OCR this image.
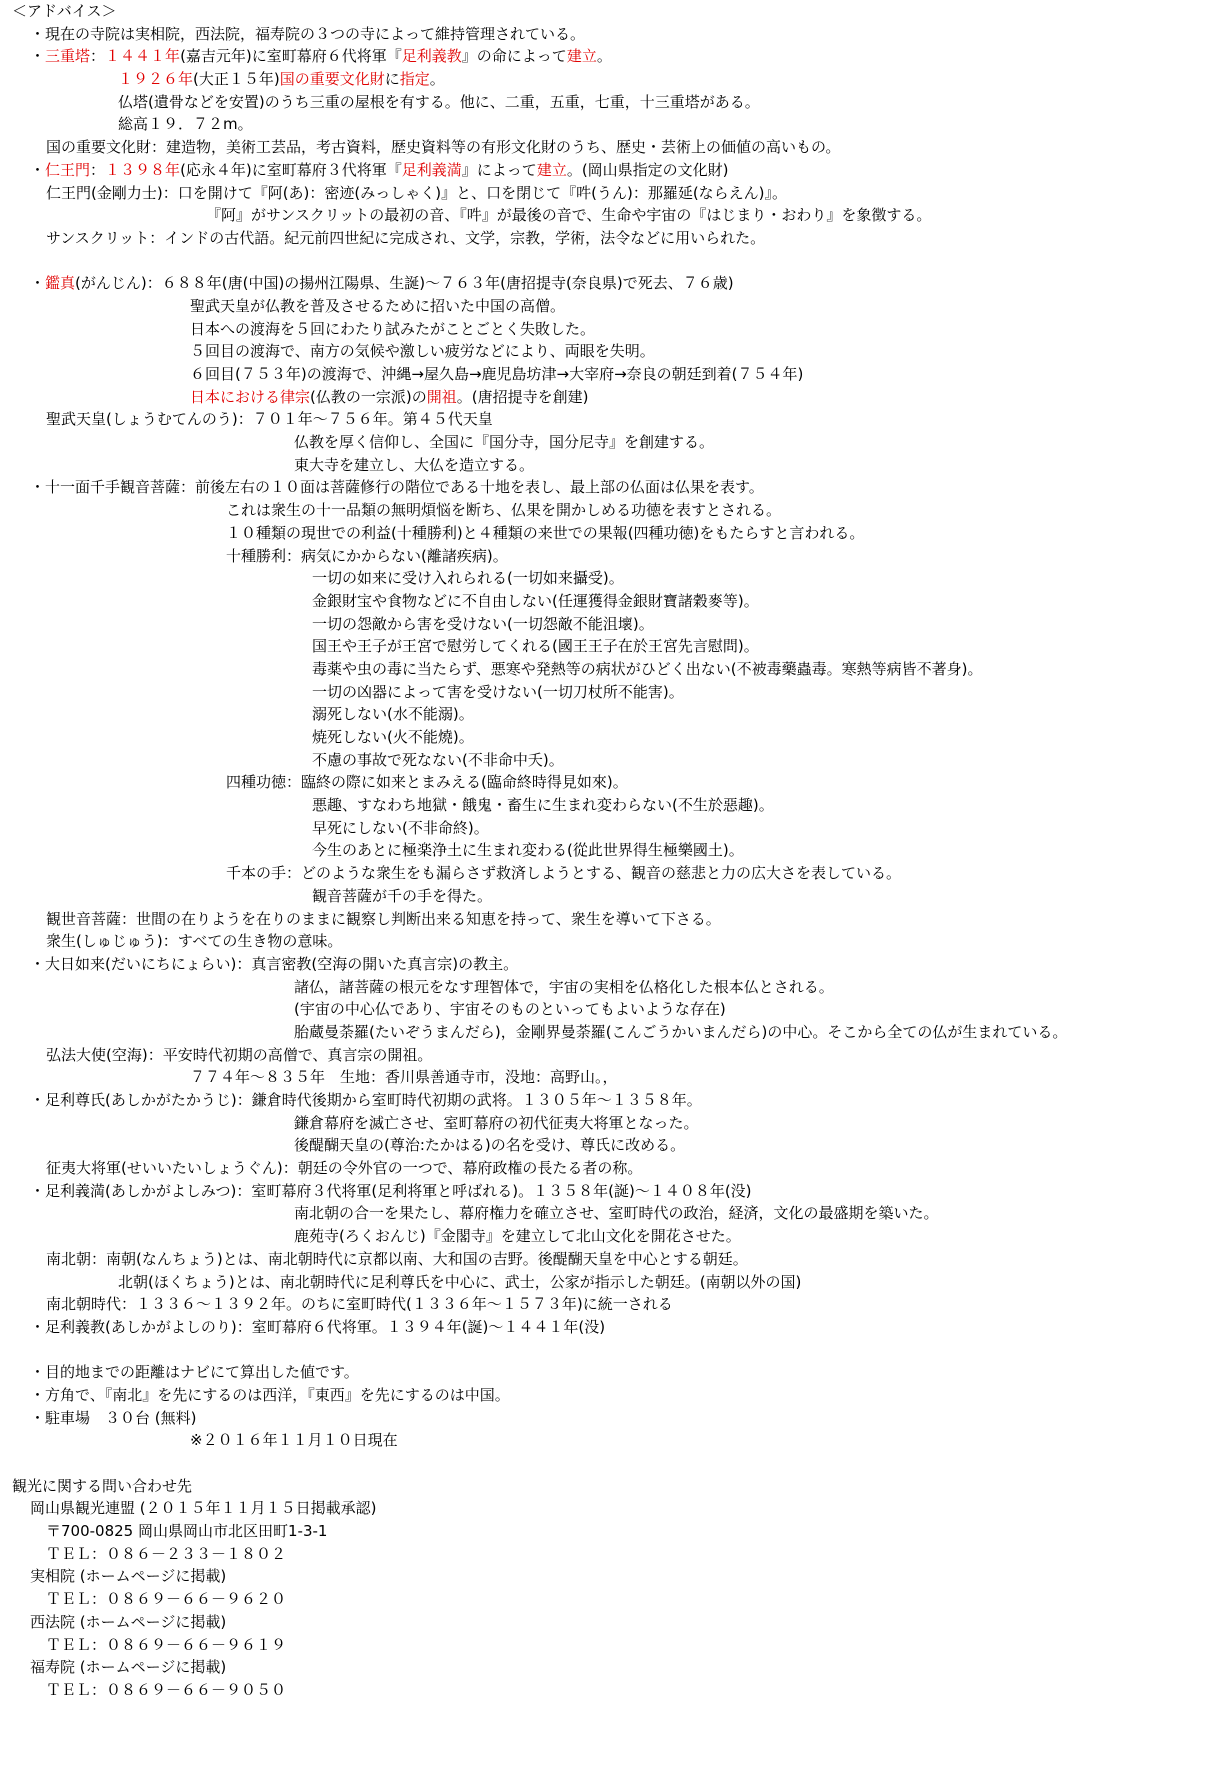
＜アドバイス＞
・現在の寺院は実相院，西法院，福寿院の３つの寺によって維持管理されている。
・三重塔：１４４１年(嘉吉元年)に室町幕府６代将軍『足利義教』の命によって建立。
１９２６年(大正１５年)国の重要文化財に指定。
仏塔(遺骨などを安置)のうち三重の屋根を有する。他に、二重，五重，七重，十三重塔がある。
総高１９．７２m。
国の重要文化財：建造物，美術工芸品，考古資料，歴史資料等の有形文化財のうち、歴史・芸術上の価値の高いもの。
・仁王門：１３９８年(応永４年)に室町幕府３代将軍『足利義満』によって建立。(岡山県指定の文化財)
仁王門(金剛力士)：口を開けて『阿(あ)：密迹(みっしゃく)』と、口を閉じて『吽(うん)：那羅延(ならえん)』。
『阿』がサンスクリットの最初の音、『吽』が最後の音で、生命や宇宙の『はじまり・おわり』を象徴する。
サンスクリット：インドの古代語。紀元前四世紀に完成され、文学，宗教，学術，法令などに用いられた。
・鑑真(がんじん)：６８８年(唐(中国)の揚州江陽県、生誕)～７６３年(唐招提寺(奈良県)で死去、７６歳)
聖武天皇が仏教を普及させるために招いた中国の高僧。
日本への渡海を５回にわたり試みたがことごとく失敗した。
５回目の渡海で、南方の気候や激しい疲労などにより、両眼を失明。
６回目(７５３年)の渡海で、沖縄→屋久島→鹿児島坊津→大宰府→奈良の朝廷到着(７５４年)
日本における律宗(仏教の一宗派)の開祖。(唐招提寺を創建)
聖武天皇(しょうむてんのう)：７０１年～７５６年。第４５代天皇
仏教を厚く信仰し、全国に『国分寺，国分尼寺』を創建する。
東大寺を建立し、大仏を造立する。
・十一面千手観音菩薩：前後左右の１０面は菩薩修行の階位である十地を表し、最上部の仏面は仏果を表す。
これは衆生の十一品類の無明煩悩を断ち、仏果を開かしめる功徳を表すとされる。
１０種類の現世での利益(十種勝利)と４種類の来世での果報(四種功徳)をもたらすと言われる。
十種勝利：病気にかからない(離諸疾病)。
一切の如来に受け入れられる(一切如来攝受)。
金銀財宝や食物などに不自由しない(任運獲得金銀財寶諸穀麥等)。
一切の怨敵から害を受けない(一切怨敵不能沮壞)。
国王や王子が王宮で慰労してくれる(國王王子在於王宮先言慰問)。
毒薬や虫の毒に当たらず、悪寒や発熱等の病状がひどく出ない(不被毒藥蟲毒。寒熱等病皆不著身)。
一切の凶器によって害を受けない(一切刀杖所不能害)。
溺死しない(水不能溺)。
焼死しない(火不能燒)。
不慮の事故で死なない(不非命中夭)。
四種功徳：臨終の際に如来とまみえる(臨命終時得見如來)。
悪趣、すなわち地獄・餓鬼・畜生に生まれ変わらない(不生於惡趣)。
早死にしない(不非命終)。
今生のあとに極楽浄土に生まれ変わる(從此世界得生極樂國土)。
千本の手：どのような衆生をも漏らさず救済しようとする、観音の慈悲と力の広大さを表している。
観音菩薩が千の手を得た。
観世音菩薩：世間の在りようを在りのままに観察し判断出来る知恵を持って、衆生を導いて下さる。
衆生(しゅじゅう)：すべての生き物の意味。
・大日如来(だいにちにょらい)：真言密教(空海の開いた真言宗)の教主。
諸仏，諸菩薩の根元をなす理智体で，宇宙の実相を仏格化した根本仏とされる。
(宇宙の中心仏であり、宇宙そのものといってもよいような存在)
胎蔵曼荼羅(たいぞうまんだら)，金剛界曼荼羅(こんごうかいまんだら)の中心。そこから全ての仏が生まれている。
弘法大使(空海)：平安時代初期の高僧で、真言宗の開祖。
７７４年～８３５年　生地：香川県善通寺市，没地：高野山。，
・足利尊氏(あしかがたかうじ)：鎌倉時代後期から室町時代初期の武将。１３０５年～１３５８年。
鎌倉幕府を滅亡させ、室町幕府の初代征夷大将軍となった。
後醍醐天皇の(尊治:たかはる)の名を受け、尊氏に改める。
征夷大将軍(せいいたいしょうぐん)：朝廷の令外官の一つで、幕府政権の長たる者の称。
・足利義満(あしかがよしみつ)：室町幕府３代将軍(足利将軍と呼ばれる)。１３５８年(誕)～１４０８年(没)
南北朝の合一を果たし、幕府権力を確立させ、室町時代の政治，経済，文化の最盛期を築いた。
鹿苑寺(ろくおんじ)『金閣寺』を建立して北山文化を開花させた。
南北朝：南朝(なんちょう)とは、南北朝時代に京都以南、大和国の吉野。後醍醐天皇を中心とする朝廷。
北朝(ほくちょう)とは、南北朝時代に足利尊氏を中心に、武士，公家が指示した朝廷。(南朝以外の国)
南北朝時代：１３３６～１３９２年。のちに室町時代(１３３６年～１５７３年)に統一される
・足利義教(あしかがよしのり)：室町幕府６代将軍。１３９４年(誕)～１４４１年(没)
・目的地までの距離はナビにて算出した値です。
・方角で、『南北』を先にするのは西洋，『東西』を先にするのは中国。
・駐車場　３０台 (無料)
※２０１６年１１月１０日現在
観光に関する問い合わせ先
岡山県観光連盟 (２０１５年１１月１５日掲載承認)
〒700-0825 岡山県岡山市北区田町1-3-1
ＴＥＬ：０８６－２３３－１８０２
実相院 (ホームページに掲載)
ＴＥＬ：０８６９－６６－９６２０
西法院 (ホームページに掲載)
ＴＥＬ：０８６９－６６－９６１９
福寿院 (ホームページに掲載)
ＴＥＬ：０８６９－６６－９０５０
